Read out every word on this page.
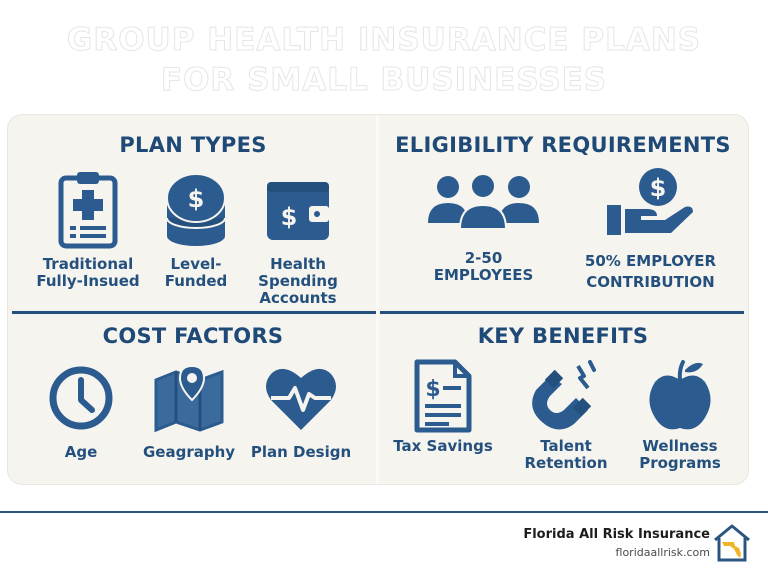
GROUP HEALTH INSURANCE PLANS
FOR SMALL BUSINESSES
PLAN TYPES
Traditional Fully-Insued
$
Level-Funded
$
Health Spending Accounts
ELIGIBILITY REQUIREMENTS
2-50 EMPLOYEES
$
50% EMPLOYER CONTRIBUTION
COST FACTORS
Age	Geagraphy	Plan Design
KEY BENEFITS
$
Tax Savings	Talent Retention
Wellness Programs
Florida All Risk Insurance
floridaallrisk.com
